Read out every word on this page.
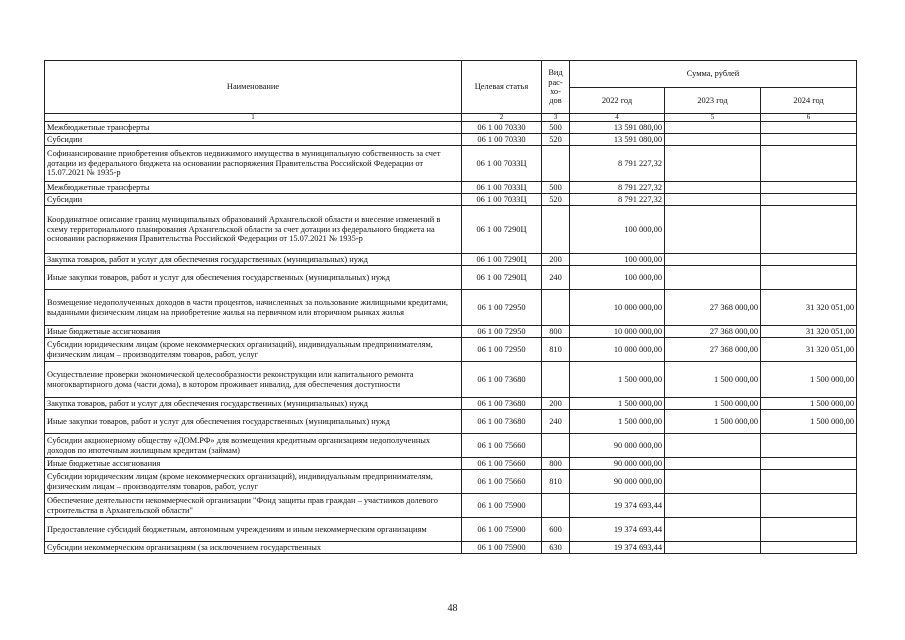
Наименование	Целевая статья	Вид рас- хо- дов	Сумма, рублей		
			2022 год	2023 год	2024 год
1	2	3	4	5	6
Межбюджетные трансферты	06 1 00 70330	500	13 591 080,00		
Субсидии	06 1 00 70330	520	13 591 080,00		
Софинансирование приобретения объектов недвижимого имущества в муниципальную собственность за счет дотации из федерального бюджета на основании распоряжения Правительства Российской Федерации от 15.07.2021 № 1935-р	06 1 00 7033Ц		8 791 227,32		
Межбюджетные трансферты	06 1 00 7033Ц	500	8 791 227,32		
Субсидии	06 1 00 7033Ц	520	8 791 227,32		
Координатное описание границ муниципальных образований Архангельской области и внесение изменений в схему территориального планирования Архангельской области за счет дотации из федерального бюджета на основании распоряжения Правительства Российской Федерации от 15.07.2021 № 1935-р	06 1 00 7290Ц		100 000,00		
Закупка товаров, работ и услуг для обеспечения государственных (муниципальных) нужд	06 1 00 7290Ц	200	100 000,00		
Иные закупки товаров, работ и услуг для обеспечения государственных (муниципальных) нужд	06 1 00 7290Ц	240	100 000,00		
Возмещение недополученных доходов в части процентов, начисленных за пользование жилищными кредитами, выданными физическим лицам на приобретение жилья на первичном или вторичном рынках жилья	06 1 00 72950		10 000 000,00	27 368 000,00	31 320 051,00
Иные бюджетные ассигнования	06 1 00 72950	800	10 000 000,00	27 368 000,00	31 320 051,00
Субсидии юридическим лицам (кроме некоммерческих организаций), индивидуальным предпринимателям, физическим лицам – производителям товаров, работ, услуг	06 1 00 72950	810	10 000 000,00	27 368 000,00	31 320 051,00
Осуществление проверки экономической целесообразности реконструкции или капитального ремонта многоквартирного дома (части дома), в котором проживает инвалид, для обеспечения доступности	06 1 00 73680		1 500 000,00	1 500 000,00	1 500 000,00
Закупка товаров, работ и услуг для обеспечения государственных (муниципальных) нужд	06 1 00 73680	200	1 500 000,00	1 500 000,00	1 500 000,00
Иные закупки товаров, работ и услуг для обеспечения государственных (муниципальных) нужд	06 1 00 73680	240	1 500 000,00	1 500 000,00	1 500 000,00
Субсидии акционерному обществу «ДОМ.РФ» для возмещения кредитным организациям недополученных доходов по ипотечным жилищным кредитам (займам)	06 1 00 75660		90 000 000,00		
Иные бюджетные ассигнования	06 1 00 75660	800	90 000 000,00		
Субсидии юридическим лицам (кроме некоммерческих организаций), индивидуальным предпринимателям, физическим лицам – производителям товаров, работ, услуг	06 1 00 75660	810	90 000 000,00		
Обеспечение деятельности некоммерческой организации "Фонд защиты прав граждан – участников долевого строительства в Архангельской области"	06 1 00 75900		19 374 693,44		
Предоставление субсидий бюджетным, автономным учреждениям и иным некоммерческим организациям	06 1 00 75900	600	19 374 693,44		
Субсидии некоммерческим организациям (за исключением государственных	06 1 00 75900	630	19 374 693,44		
48
